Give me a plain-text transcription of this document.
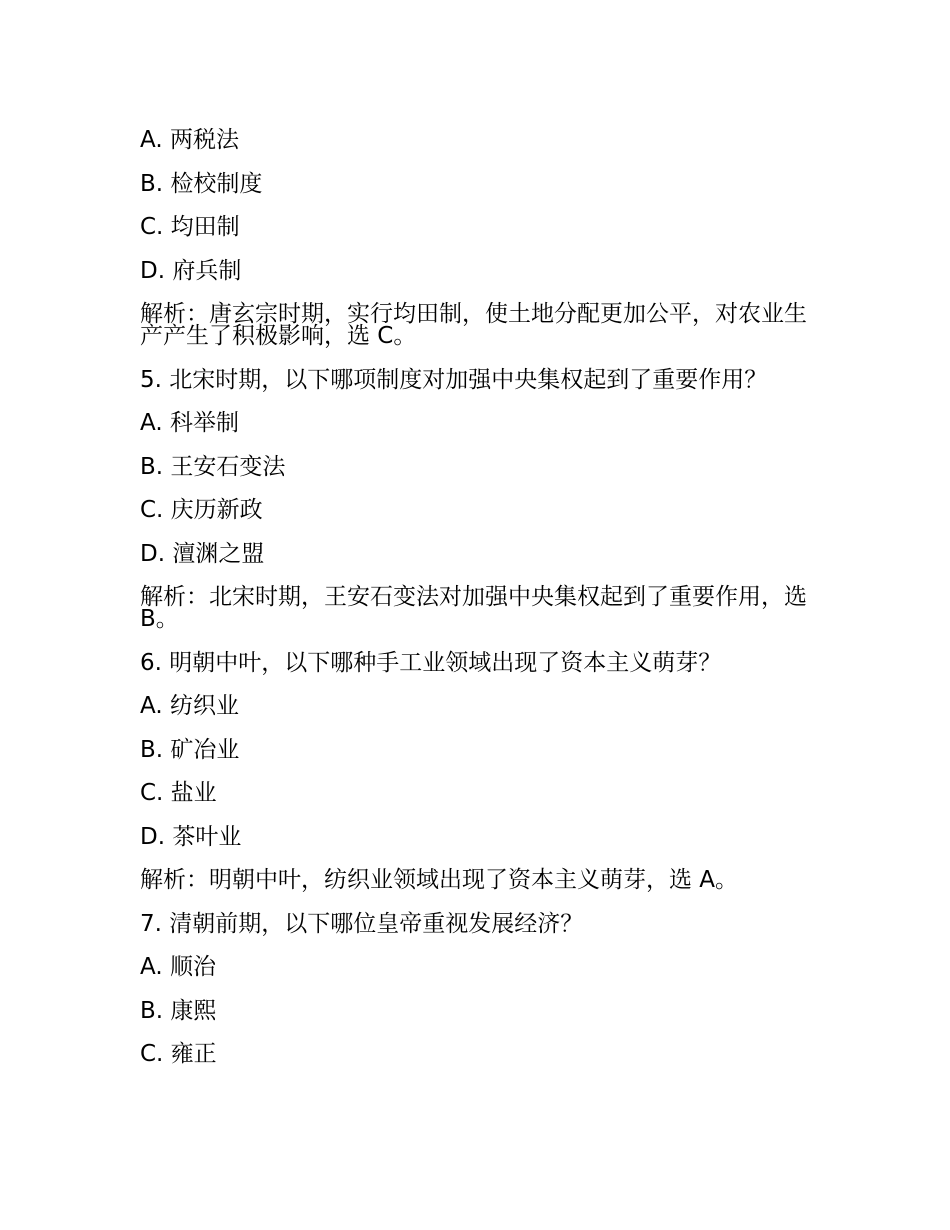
A. 两税法
B. 检校制度
C. 均田制
D. 府兵制
解析：唐玄宗时期，实行均田制，使土地分配更加公平，对农业生产产生了积极影响，选 C。
5. 北宋时期，以下哪项制度对加强中央集权起到了重要作用？
A. 科举制
B. 王安石变法
C. 庆历新政
D. 澶渊之盟
解析：北宋时期，王安石变法对加强中央集权起到了重要作用，选 B。
6. 明朝中叶，以下哪种手工业领域出现了资本主义萌芽？
A. 纺织业
B. 矿冶业
C. 盐业
D. 茶叶业
解析：明朝中叶，纺织业领域出现了资本主义萌芽，选 A。
7. 清朝前期，以下哪位皇帝重视发展经济？
A. 顺治
B. 康熙
C. 雍正
